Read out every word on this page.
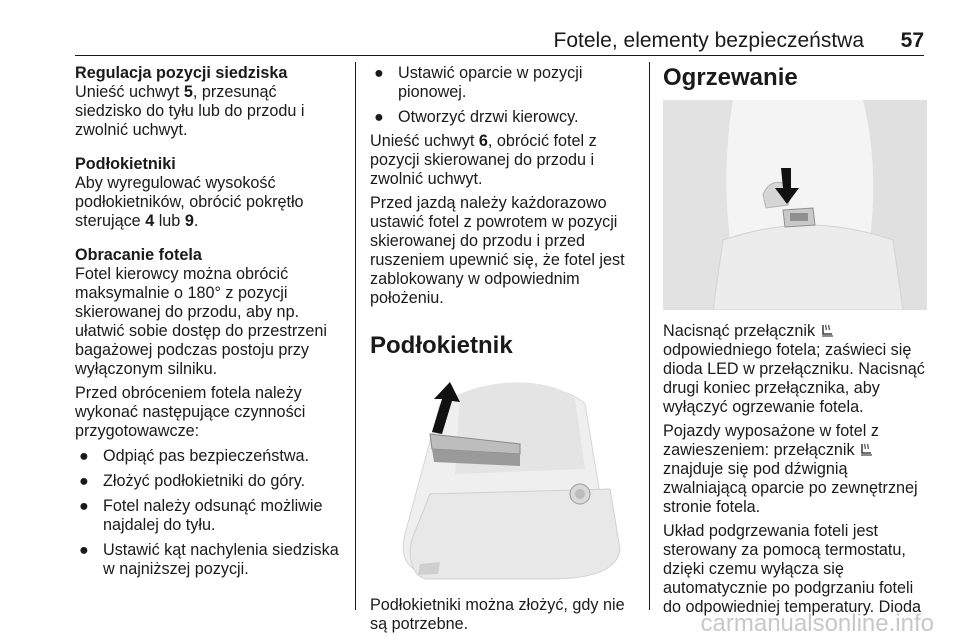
Fotele, elementy bezpieczeństwa 57

Regulacja pozycji siedziska

Unieść uchwyt 5, przesunąć siedzisko do tyłu lub do przodu i zwolnić uchwyt.

Podłokietniki

Aby wyregulować wysokość podłokietników, obrócić pokrętło sterujące 4 lub 9.

Obracanie fotela

Fotel kierowcy można obrócić maksymalnie o 180° z pozycji skierowanej do przodu, aby np. ułatwić sobie dostęp do przestrzeni bagażowej podczas postoju przy wyłączonym silniku.

Przed obróceniem fotela należy wykonać następujące czynności przygotowawcze:

● Odpiąć pas bezpieczeństwa.
● Złożyć podłokietniki do góry.
● Fotel należy odsunąć możliwie najdalej do tyłu.
● Ustawić kąt nachylenia siedziska w najniższej pozycji.
● Ustawić oparcie w pozycji pionowej.
● Otworzyć drzwi kierowcy.

Unieść uchwyt 6, obrócić fotel z pozycji skierowanej do przodu i zwolnić uchwyt.

Przed jazdą należy każdorazowo ustawić fotel z powrotem w pozycji skierowanej do przodu i przed ruszeniem upewnić się, że fotel jest zablokowany w odpowiednim położeniu.

Podłokietnik

Podłokietniki można złożyć, gdy nie są potrzebne.

Ogrzewanie

Nacisnąć przełącznik  odpowiedniego fotela; zaświeci się dioda LED w przełączniku. Nacisnąć drugi koniec przełącznika, aby wyłączyć ogrzewanie fotela.

Pojazdy wyposażone w fotel z zawieszeniem: przełącznik  znajduje się pod dźwignią zwalniającą oparcie po zewnętrznej stronie fotela.

Układ podgrzewania foteli jest sterowany za pomocą termostatu, dzięki czemu wyłącza się automatycznie po podgrzaniu foteli do odpowiedniej temperatury. Dioda

carmanualsonline.info
